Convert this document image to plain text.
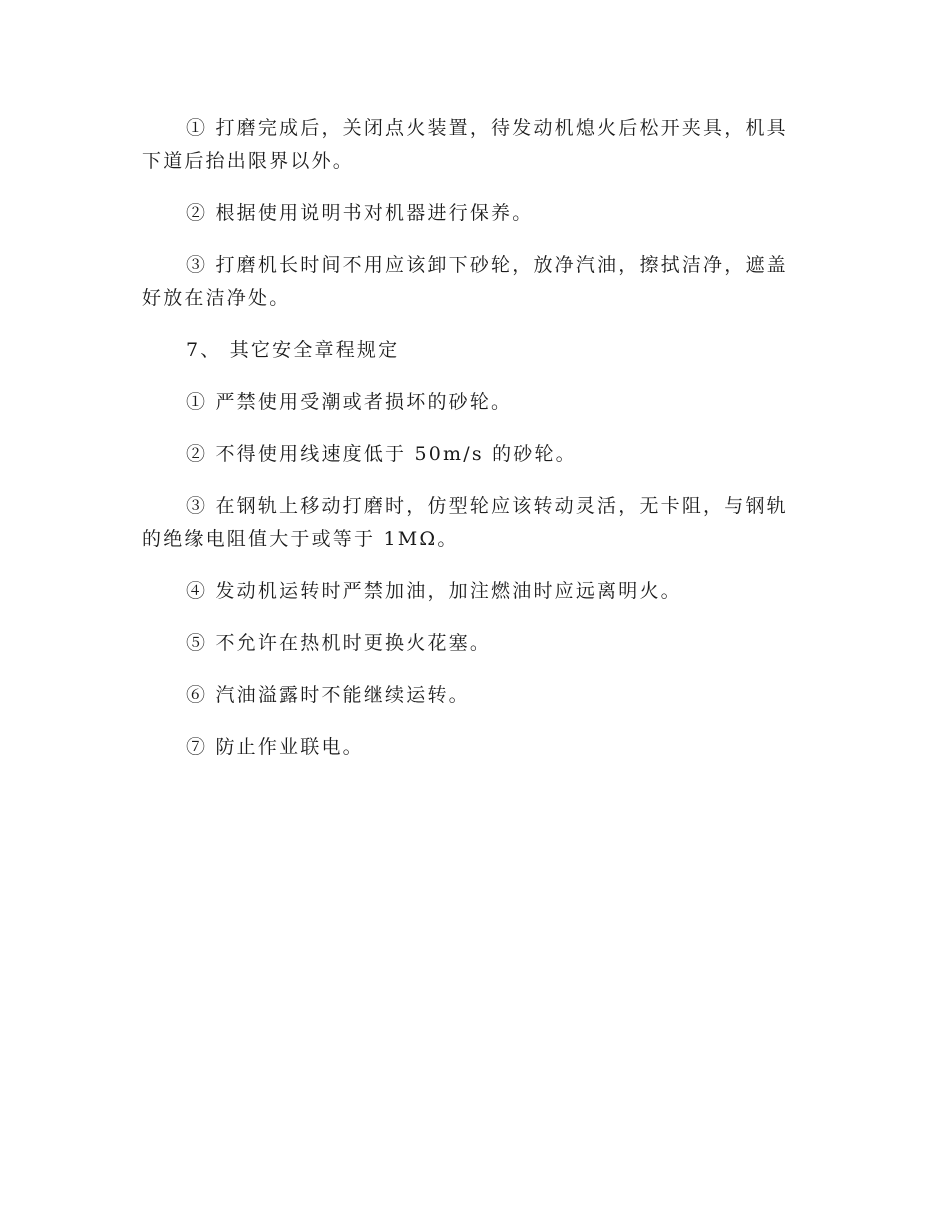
① 打磨完成后，关闭点火装置，待发动机熄火后松开夹具，机具下道后抬出限界以外。

② 根据使用说明书对机器进行保养。

③ 打磨机长时间不用应该卸下砂轮，放净汽油，擦拭洁净，遮盖好放在洁净处。

7、 其它安全章程规定

① 严禁使用受潮或者损坏的砂轮。

② 不得使用线速度低于 50m/s 的砂轮。

③ 在钢轨上移动打磨时，仿型轮应该转动灵活，无卡阻，与钢轨的绝缘电阻值大于或等于 1MΩ。

④ 发动机运转时严禁加油，加注燃油时应远离明火。

⑤ 不允许在热机时更换火花塞。

⑥ 汽油溢露时不能继续运转。

⑦ 防止作业联电。
